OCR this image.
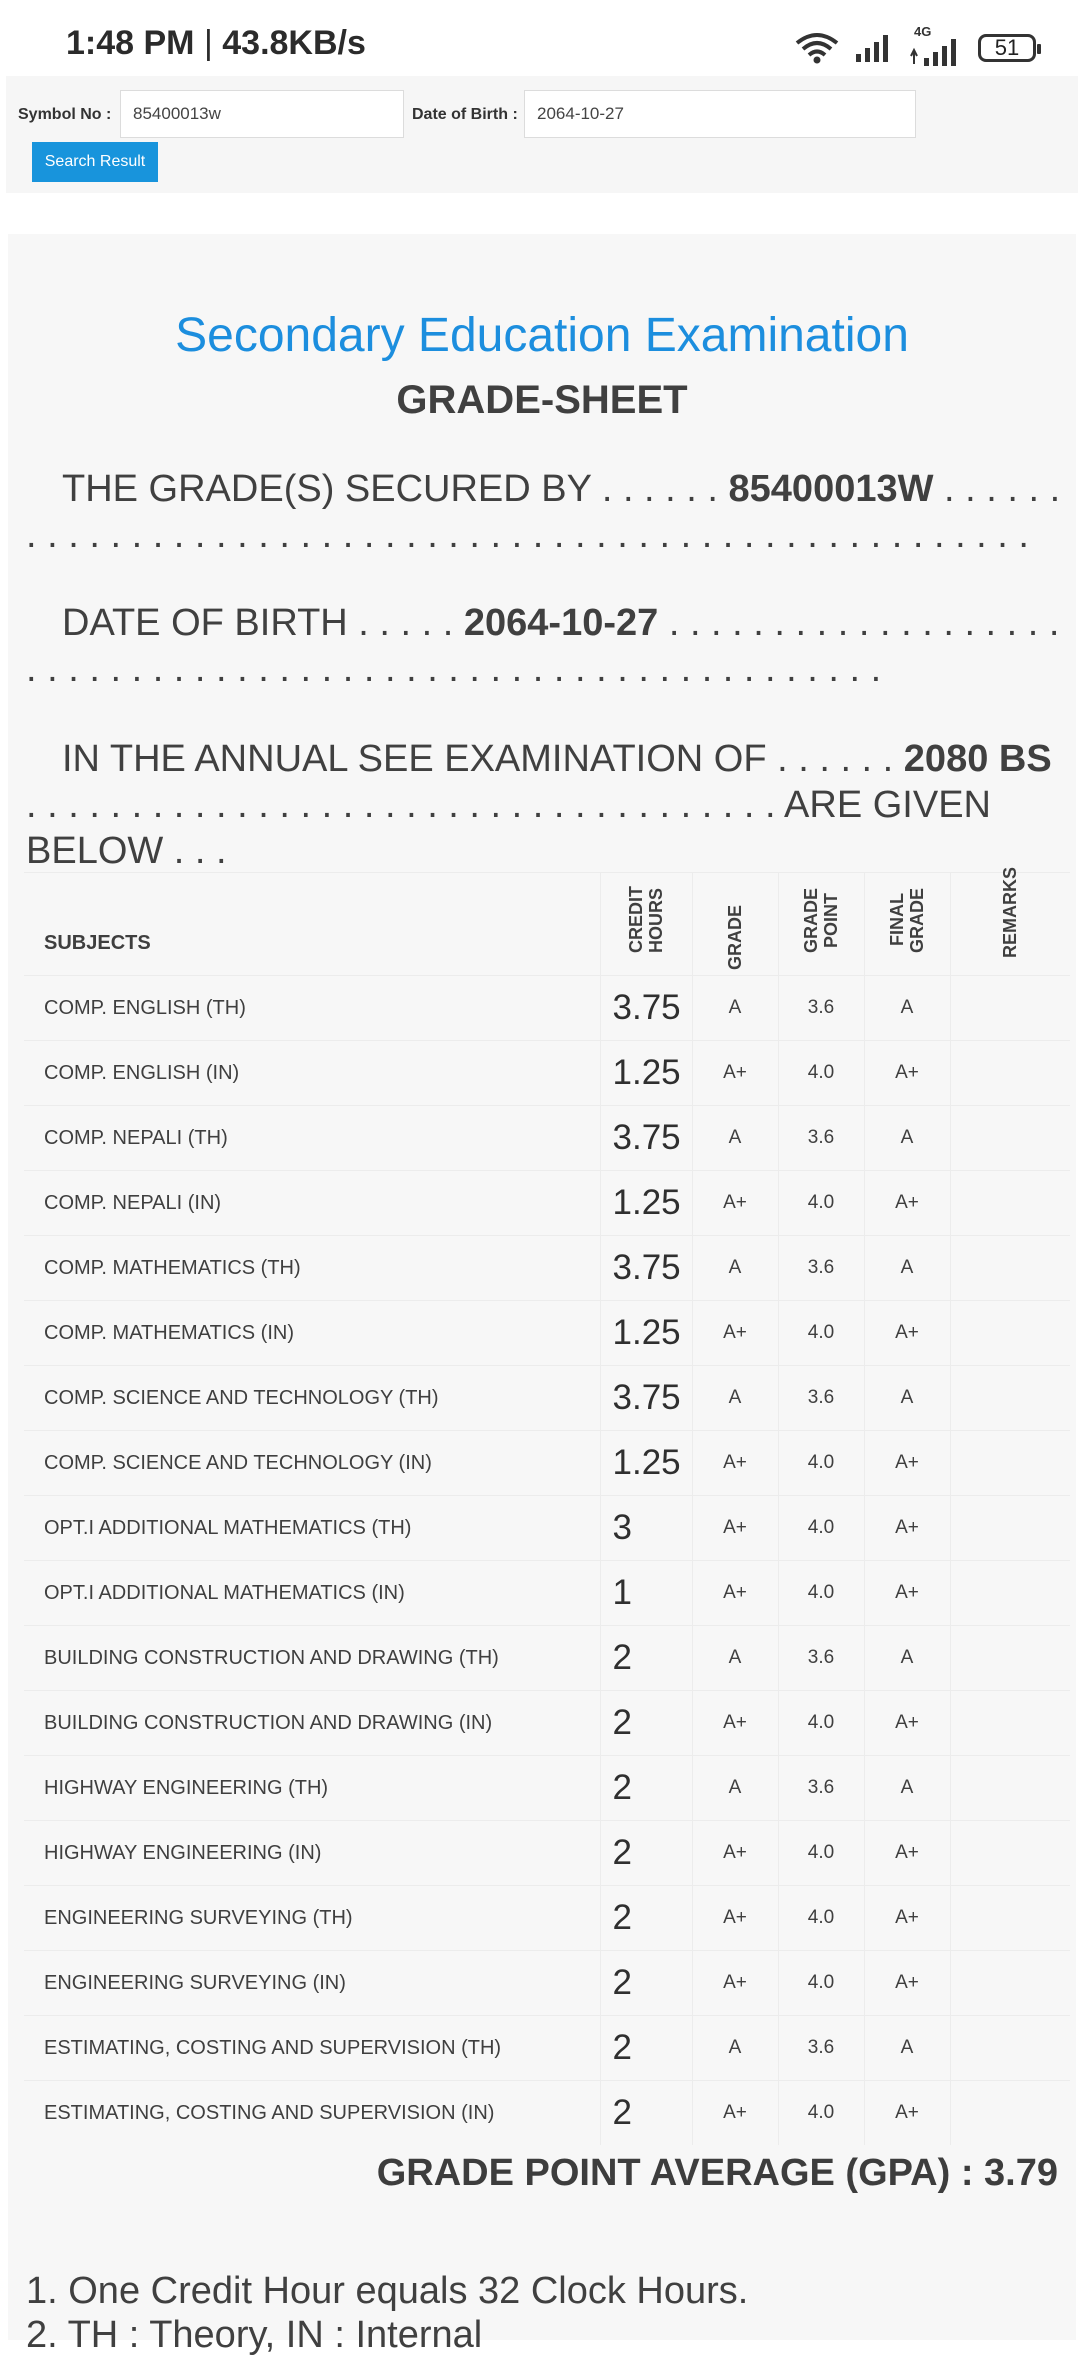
1:48 PM | 43.8KB/s	4G
51
Symbol No :
85400013w	Date of Birth :
2064-10-27
Search Result
Secondary Education Examination
GRADE-SHEET
THE GRADE(S) SECURED BY . . . . . . 85400013W . . . . . . . . . . . . . . . . . . . . . . . . . . . . . . . . . . . . . . . . . . . . . . . . . . . . . .
DATE OF BIRTH . . . . . 2064-10-27 . . . . . . . . . . . . . . . . . . . . . . . . . . . . . . . . . . . . . . . . . . . . . . . . . . . . . . . . . . . .
IN THE ANNUAL SEE EXAMINATION OF . . . . . . 2080 BS . . . . . . . . . . . . . . . . . . . . . . . . . . . . . . . . . . . . ARE GIVEN BELOW . . .
SUBJECTS	CREDIT HOURS	GRADE	GRADE POINT	FINAL GRADE	REMARKS
COMP. ENGLISH (TH)	3.75	A	3.6	A	
COMP. ENGLISH (IN)	1.25	A+	4.0	A+	
COMP. NEPALI (TH)	3.75	A	3.6	A	
COMP. NEPALI (IN)	1.25	A+	4.0	A+	
COMP. MATHEMATICS (TH)	3.75	A	3.6	A	
COMP. MATHEMATICS (IN)	1.25	A+	4.0	A+	
COMP. SCIENCE AND TECHNOLOGY (TH)	3.75	A	3.6	A	
COMP. SCIENCE AND TECHNOLOGY (IN)	1.25	A+	4.0	A+	
OPT.I ADDITIONAL MATHEMATICS (TH)	3	A+	4.0	A+	
OPT.I ADDITIONAL MATHEMATICS (IN)	1	A+	4.0	A+	
BUILDING CONSTRUCTION AND DRAWING (TH)	2	A	3.6	A	
BUILDING CONSTRUCTION AND DRAWING (IN)	2	A+	4.0	A+	
HIGHWAY ENGINEERING (TH)	2	A	3.6	A	
HIGHWAY ENGINEERING (IN)	2	A+	4.0	A+	
ENGINEERING SURVEYING (TH)	2	A+	4.0	A+	
ENGINEERING SURVEYING (IN)	2	A+	4.0	A+	
ESTIMATING, COSTING AND SUPERVISION (TH)	2	A	3.6	A	
ESTIMATING, COSTING AND SUPERVISION (IN)	2	A+	4.0	A+	
GRADE POINT AVERAGE (GPA) : 3.79
1. One Credit Hour equals 32 Clock Hours.
2. TH : Theory, IN : Internal
